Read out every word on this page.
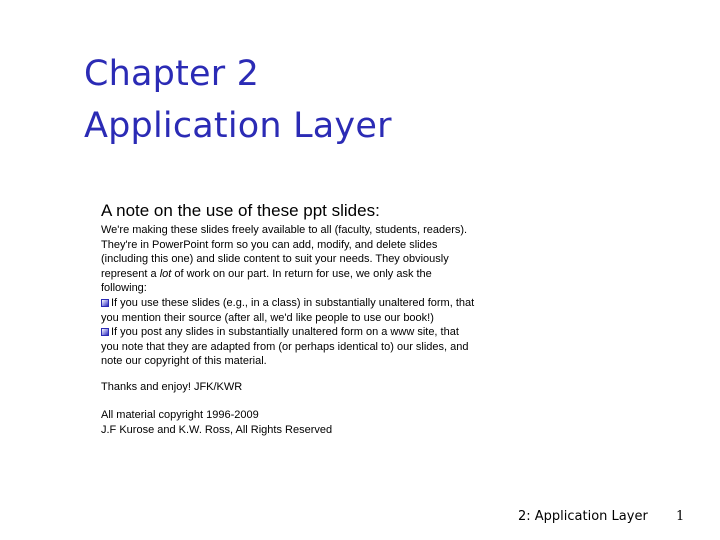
Chapter 2
Application Layer

A note on the use of these ppt slides:

We're making these slides freely available to all (faculty, students, readers).
They're in PowerPoint form so you can add, modify, and delete slides
(including this one) and slide content to suit your needs. They obviously
represent a lot of work on our part. In return for use, we only ask the
following:
If you use these slides (e.g., in a class) in substantially unaltered form, that
you mention their source (after all, we'd like people to use our book!)
If you post any slides in substantially unaltered form on a www site, that
you note that they are adapted from (or perhaps identical to) our slides, and
note our copyright of this material.

Thanks and enjoy! JFK/KWR
All material copyright 1996-2009
J.F Kurose and K.W. Ross, All Rights Reserved
2: Application Layer 1
